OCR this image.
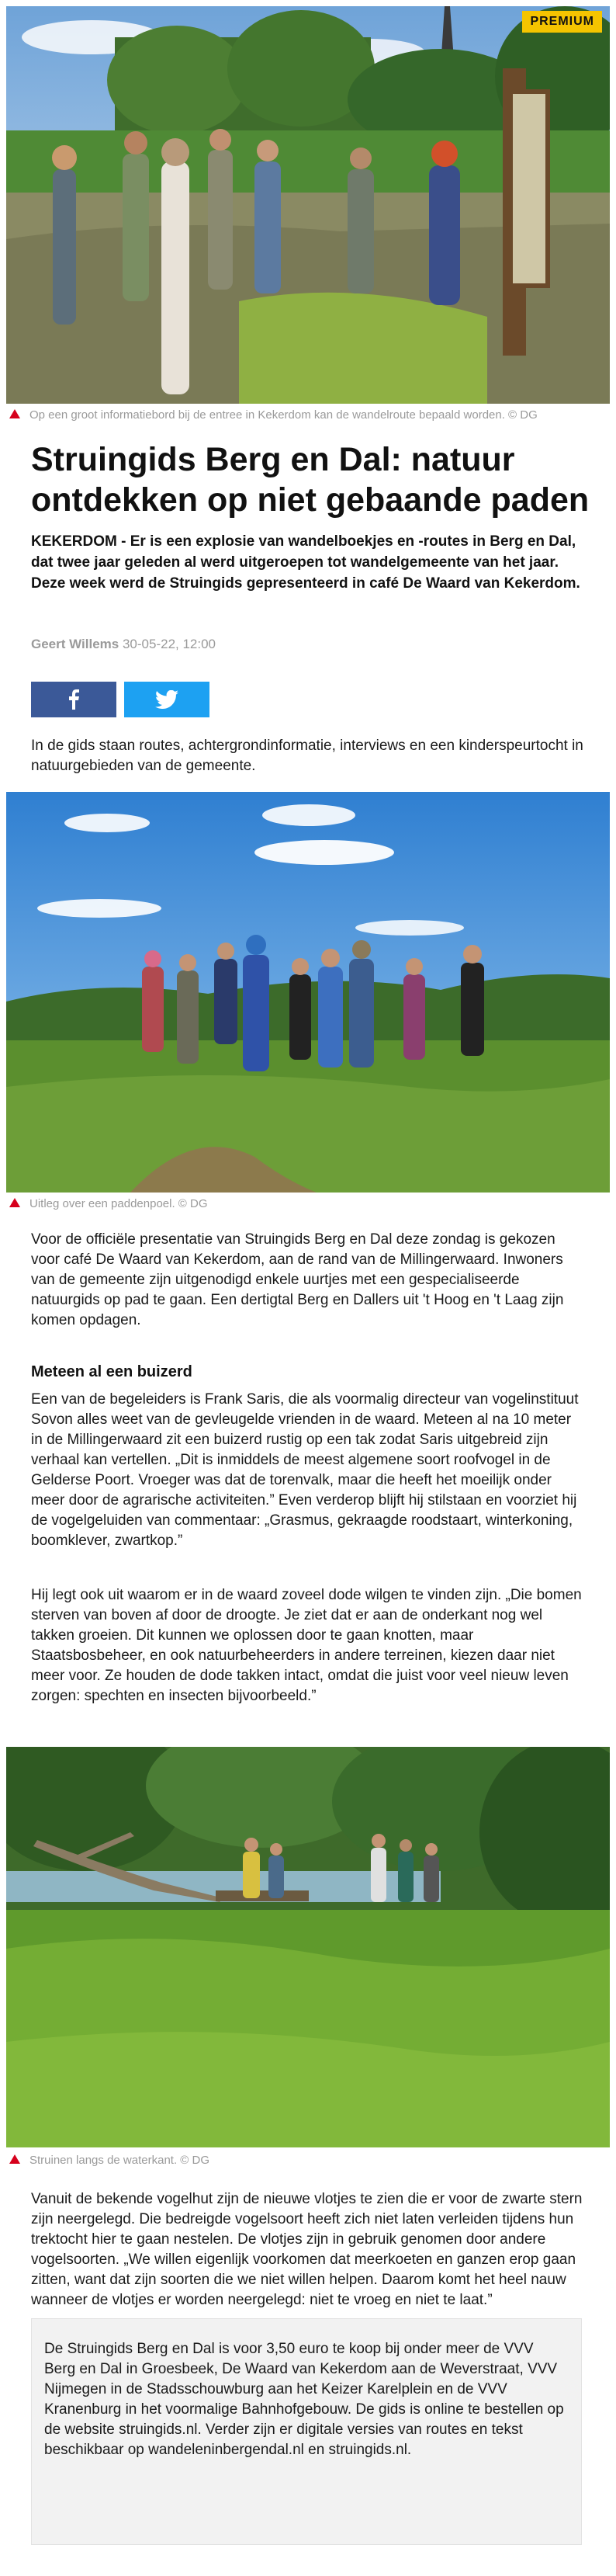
PREMIUM
Op een groot informatiebord bij de entree in Kekerdom kan de wandelroute bepaald worden. © DG
Struingids Berg en Dal: natuur ontdekken op niet gebaande paden

KEKERDOM - Er is een explosie van wandelboekjes en -routes in Berg en Dal, dat twee jaar geleden al werd uitgeroepen tot wandelgemeente van het jaar. Deze week werd de Struingids gepresenteerd in café De Waard van Kekerdom.

Geert Willems 30-05-22, 12:00

In de gids staan routes, achtergrondinformatie, interviews en een kinderspeurtocht in natuurgebieden van de gemeente.

Uitleg over een paddenpoel. © DG

Voor de officiële presentatie van Struingids Berg en Dal deze zondag is gekozen voor café De Waard van Kekerdom, aan de rand van de Millingerwaard. Inwoners van de gemeente zijn uitgenodigd enkele uurtjes met een gespecialiseerde natuurgids op pad te gaan. Een dertigtal Berg en Dallers uit 't Hoog en 't Laag zijn komen opdagen.

Meteen al een buizerd

Een van de begeleiders is Frank Saris, die als voormalig directeur van vogelinstituut Sovon alles weet van de gevleugelde vrienden in de waard. Meteen al na 10 meter in de Millingerwaard zit een buizerd rustig op een tak zodat Saris uitgebreid zijn verhaal kan vertellen. „Dit is inmiddels de meest algemene soort roofvogel in de Gelderse Poort. Vroeger was dat de torenvalk, maar die heeft het moeilijk onder meer door de agrarische activiteiten.” Even verderop blijft hij stilstaan en voorziet hij de vogelgeluiden van commentaar: „Grasmus, gekraagde roodstaart, winterkoning, boomklever, zwartkop.”

Hij legt ook uit waarom er in de waard zoveel dode wilgen te vinden zijn. „Die bomen sterven van boven af door de droogte. Je ziet dat er aan de onderkant nog wel takken groeien. Dit kunnen we oplossen door te gaan knotten, maar Staatsbosbeheer, en ook natuurbeheerders in andere terreinen, kiezen daar niet meer voor. Ze houden de dode takken intact, omdat die juist voor veel nieuw leven zorgen: spechten en insecten bijvoorbeeld.”

Struinen langs de waterkant. © DG

Vanuit de bekende vogelhut zijn de nieuwe vlotjes te zien die er voor de zwarte stern zijn neergelegd. Die bedreigde vogelsoort heeft zich niet laten verleiden tijdens hun trektocht hier te gaan nestelen. De vlotjes zijn in gebruik genomen door andere vogelsoorten. „We willen eigenlijk voorkomen dat meerkoeten en ganzen erop gaan zitten, want dat zijn soorten die we niet willen helpen. Daarom komt het heel nauw wanneer de vlotjes er worden neergelegd: niet te vroeg en niet te laat.”

De Struingids Berg en Dal is voor 3,50 euro te koop bij onder meer de VVV Berg en Dal in Groesbeek, De Waard van Kekerdom aan de Weverstraat, VVV Nijmegen in de Stadsschouwburg aan het Keizer Karelplein en de VVV Kranenburg in het voormalige Bahnhofgebouw. De gids is online te bestellen op de website struingids.nl. Verder zijn er digitale versies van routes en tekst beschikbaar op wandeleninbergendal.nl en struingids.nl.
